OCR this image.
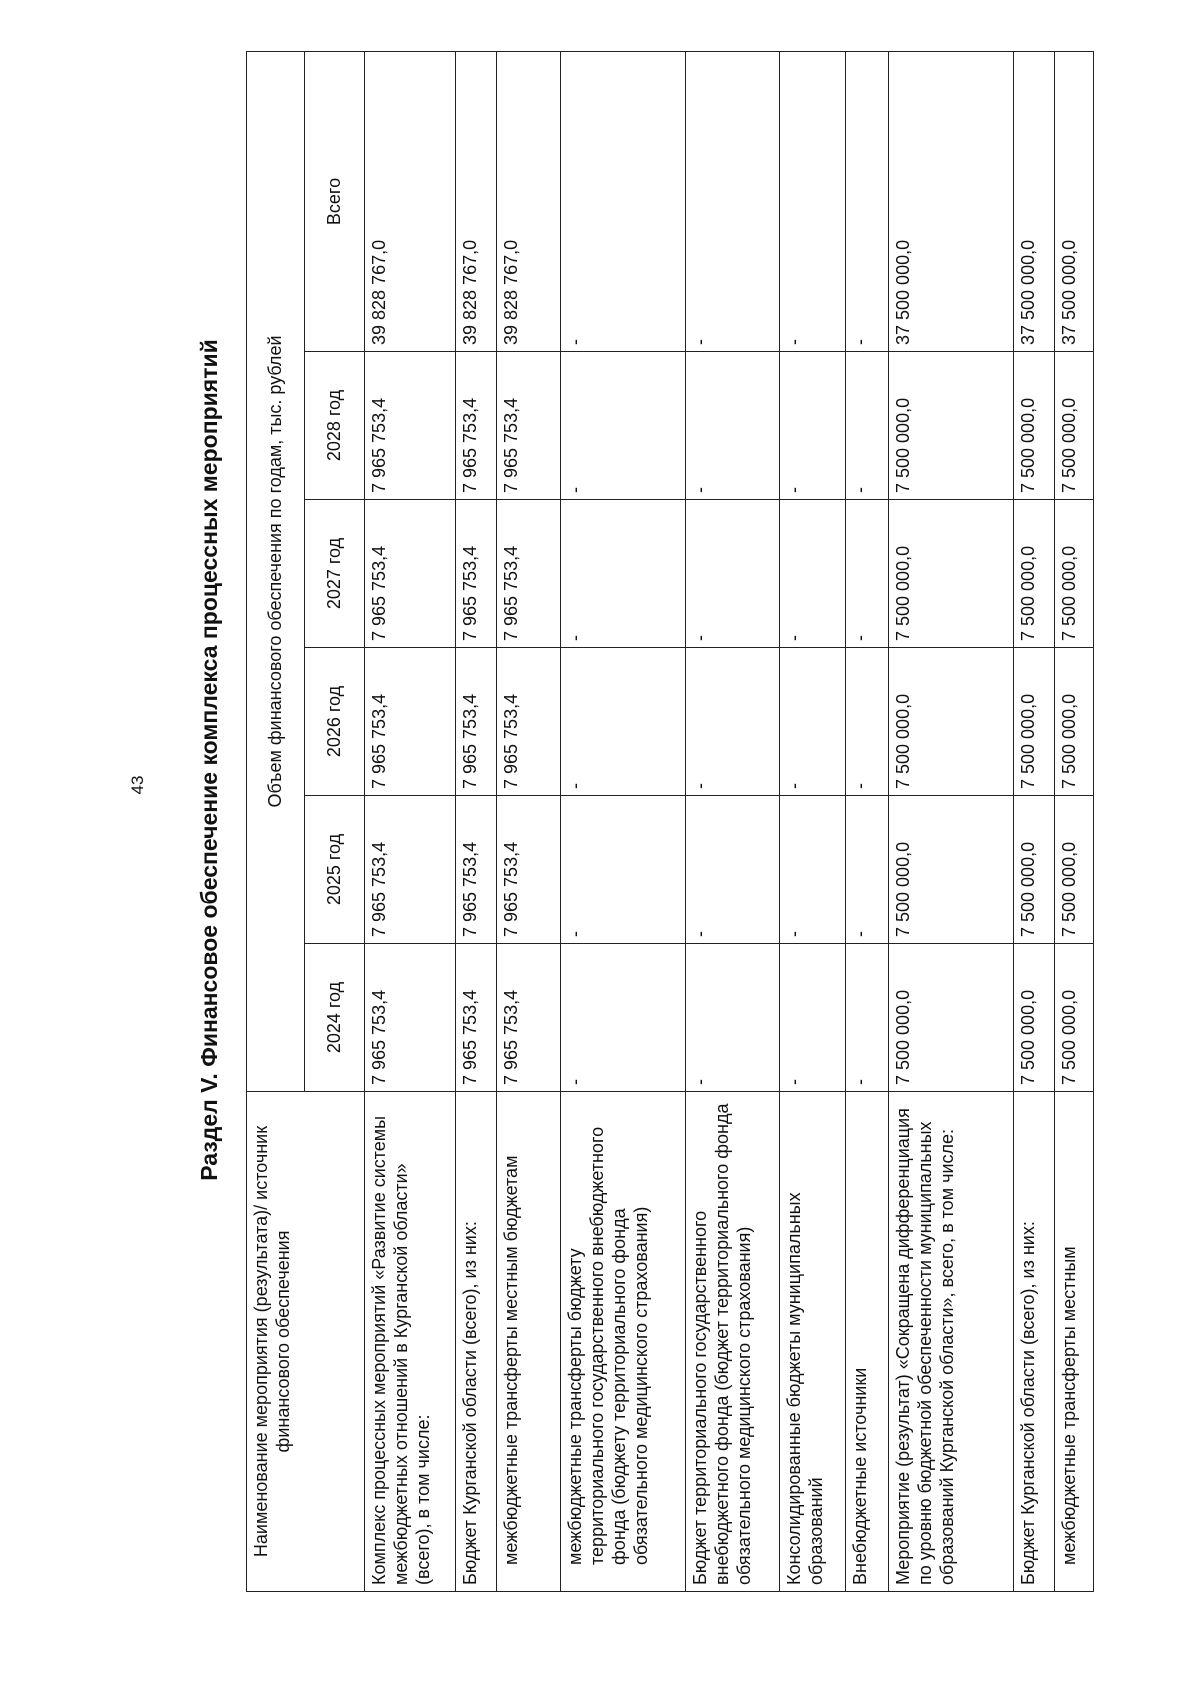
43 Раздел V. Финансовое обеспечение комплекса процессных мероприятий
Наименование мероприятия (результата)/ источник финансового обеспечения	Объем финансового обеспечения по годам, тыс. рублей					
	2024 год	2025 год	2026 год	2027 год	2028 год	Всего
Комплекс процессных мероприятий «Развитие системы межбюджетных отношений в Курганской области» (всего), в том числе:	7 965 753,4	7 965 753,4	7 965 753,4	7 965 753,4	7 965 753,4	39 828 767,0
Бюджет Курганской области (всего), из них:	7 965 753,4	7 965 753,4	7 965 753,4	7 965 753,4	7 965 753,4	39 828 767,0
межбюджетные трансферты местным бюджетам	7 965 753,4	7 965 753,4	7 965 753,4	7 965 753,4	7 965 753,4	39 828 767,0
межбюджетные трансферты бюджету территориального государственного внебюджетного фонда (бюджету территориального фонда обязательного медицинского страхования)	-	-	-	-	-	-
Бюджет территориального государственного внебюджетного фонда (бюджет территориального фонда обязательного медицинского страхования)	-	-	-	-	-	-
Консолидированные бюджеты муниципальных образований	-	-	-	-	-	-
Внебюджетные источники	-	-	-	-	-	-
Мероприятие (результат) «Сокращена дифференциация по уровню бюджетной обеспеченности муниципальных образований Курганской области», всего, в том числе:	7 500 000,0	7 500 000,0	7 500 000,0	7 500 000,0	7 500 000,0	37 500 000,0
Бюджет Курганской области (всего), из них:	7 500 000,0	7 500 000,0	7 500 000,0	7 500 000,0	7 500 000,0	37 500 000,0
межбюджетные трансферты местным	7 500 000,0	7 500 000,0	7 500 000,0	7 500 000,0	7 500 000,0	37 500 000,0
